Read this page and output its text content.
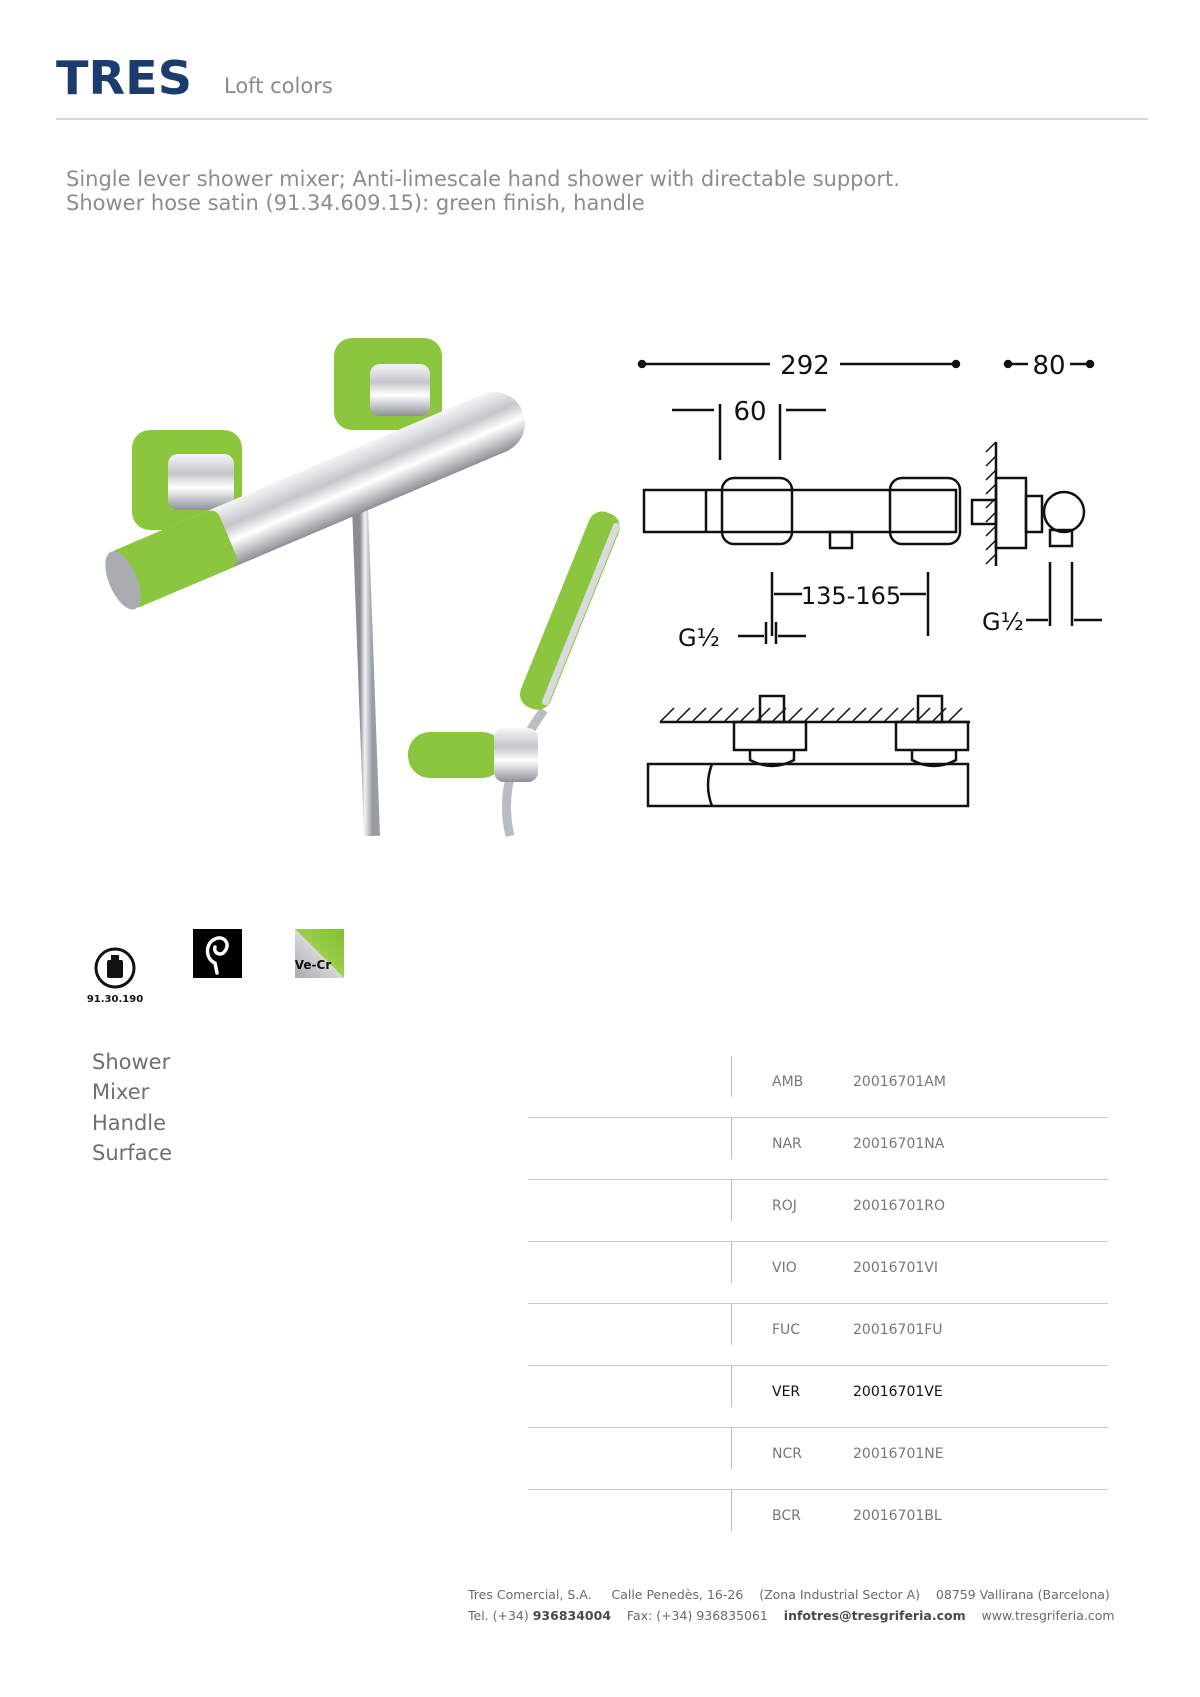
TRES Loft colors
Single lever shower mixer; Anti-limescale hand shower with directable support.
Shower hose satin (91.34.609.15): green finish, handle
292	80
60
G½
135-165
G½
91.30.190
Ve-Cr
Shower
Mixer
Handle
Surface
AMB	20016701AM
NAR	20016701NA
ROJ	20016701RO
VIO	20016701VI
FUC	20016701FU
VER	20016701VE
NCR	20016701NE
BCR	20016701BL
Tres Comercial, S.A. Calle Penedès, 16-26 (Zona Industrial Sector A) 08759 Vallirana (Barcelona)
Tel. (+34) 936834004 Fax: (+34) 936835061 infotres@tresgriferia.com www.tresgriferia.com
